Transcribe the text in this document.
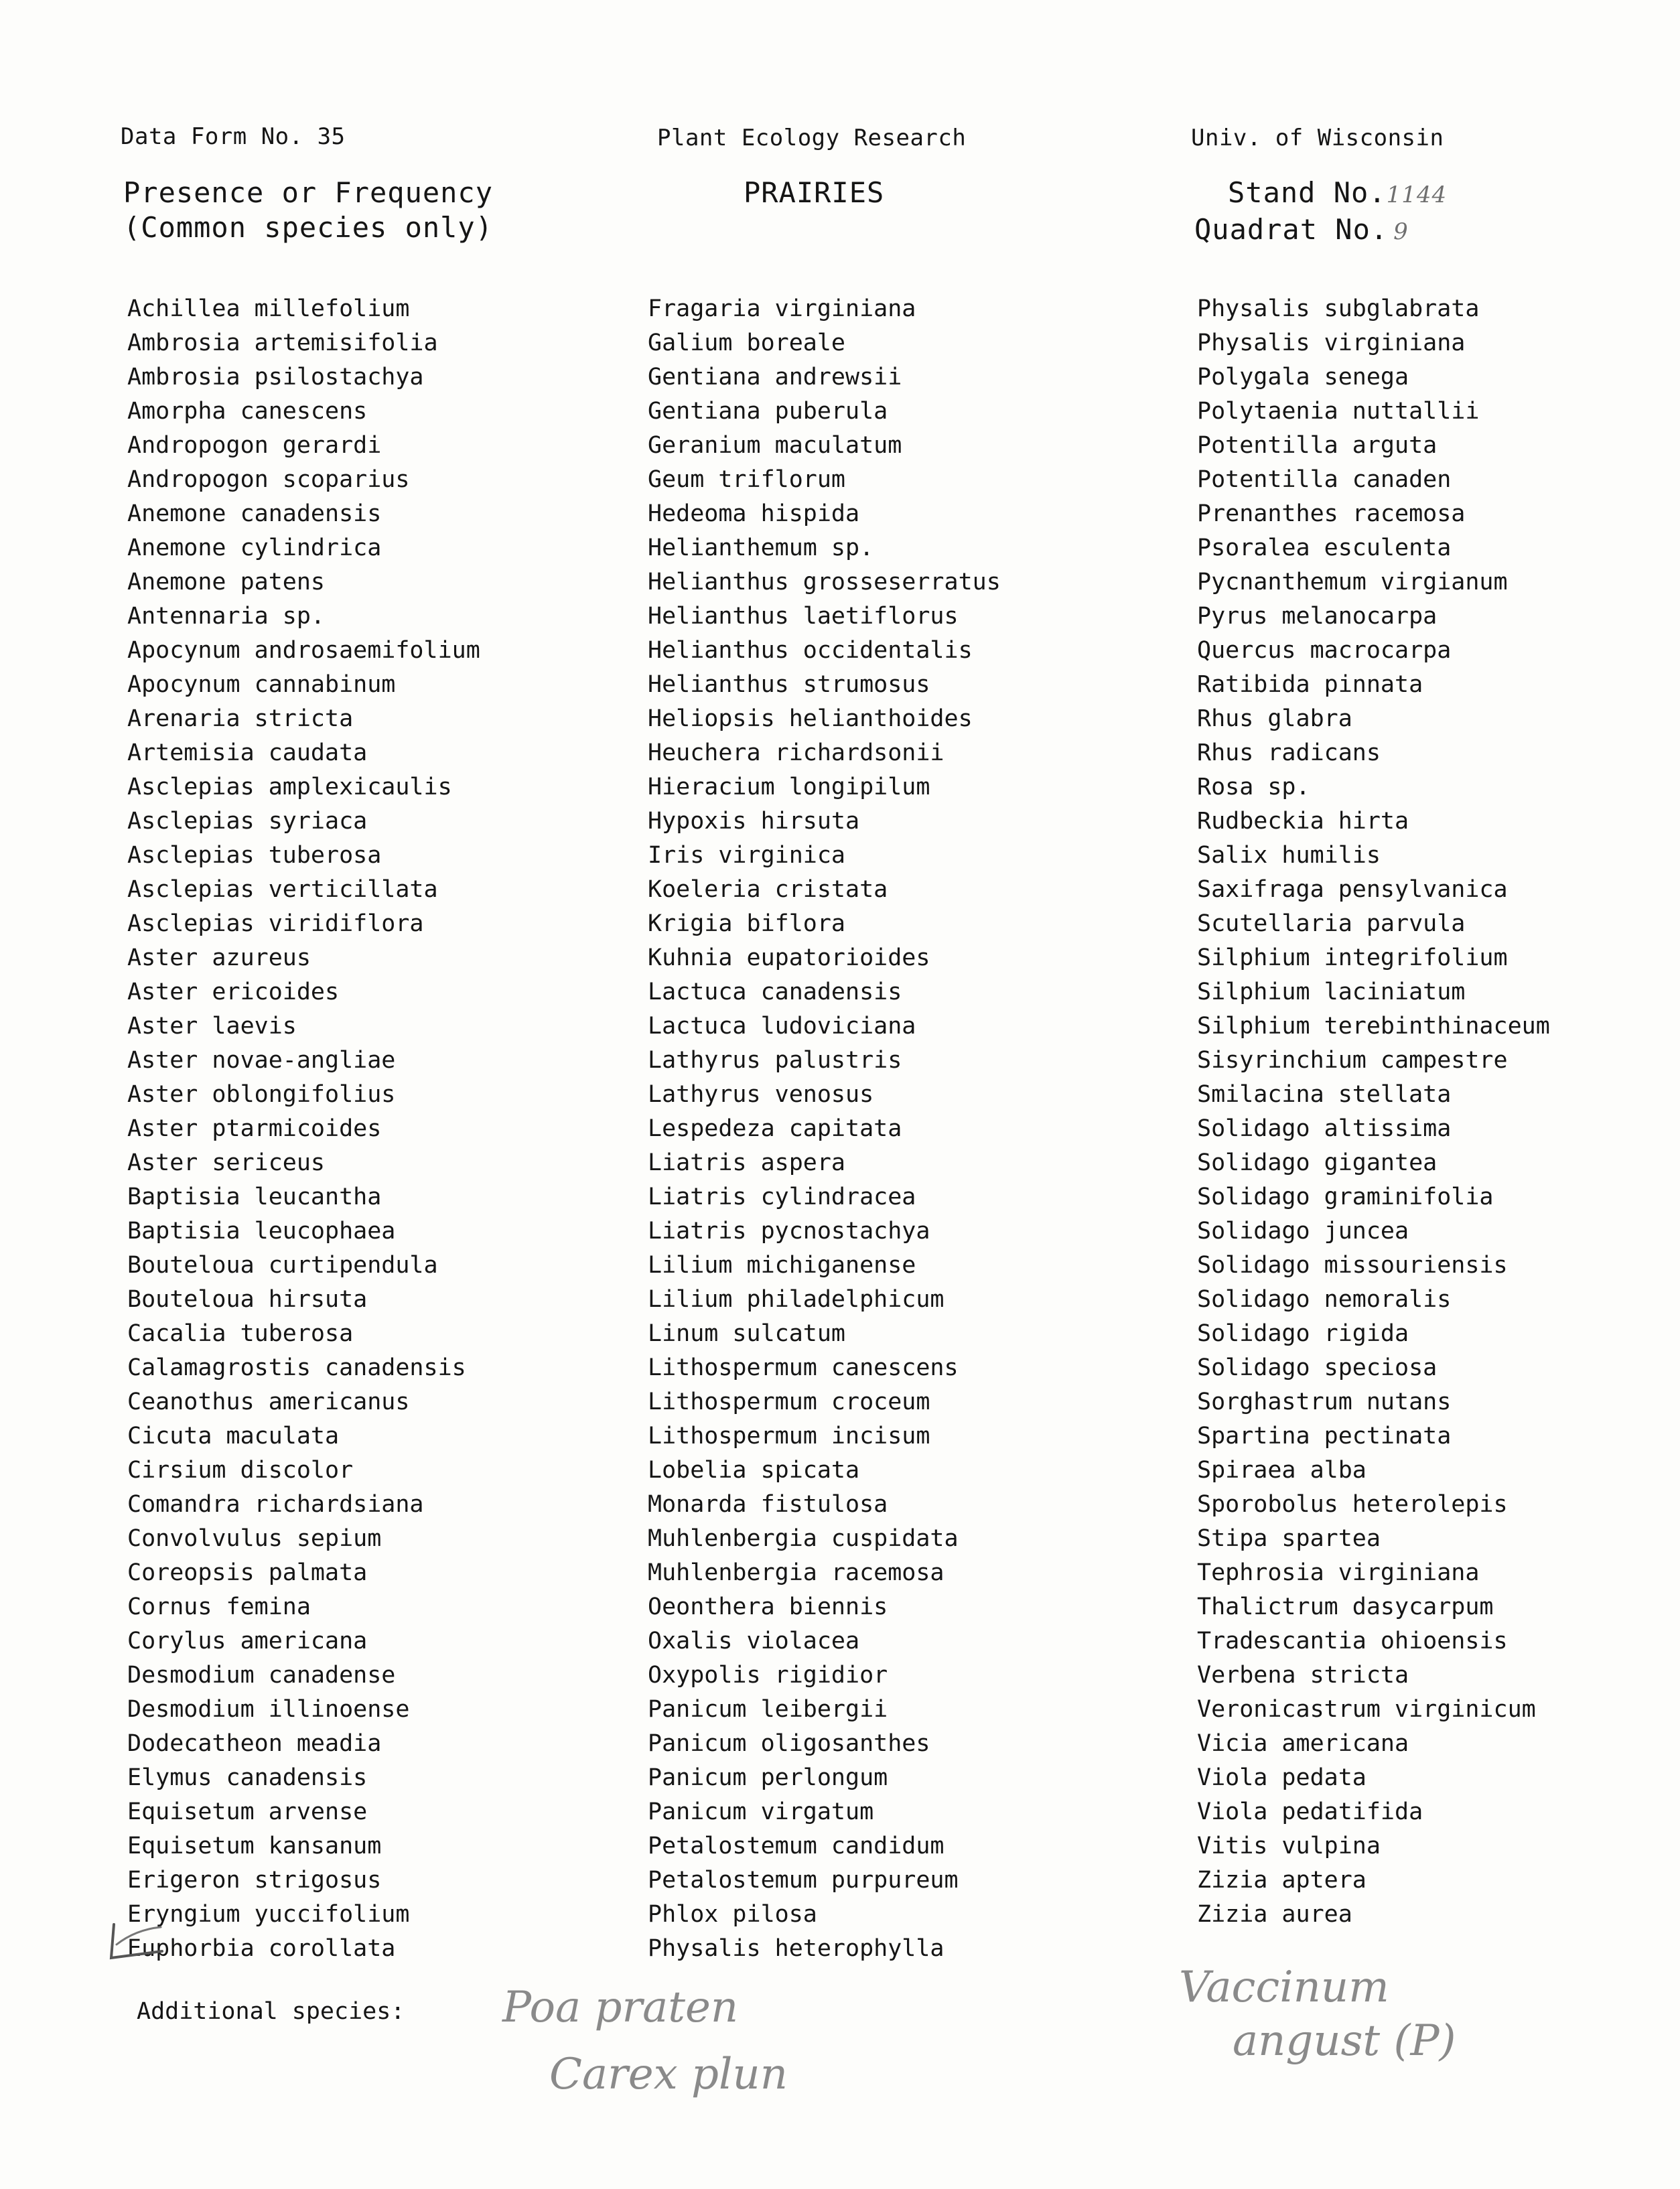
Data Form No. 35	Plant Ecology Research	Univ. of Wisconsin
Presence or Frequency
(Common species only)
PRAIRIES	Stand No.1144
Quadrat No. 9
Achillea millefolium
Ambrosia artemisifolia
Ambrosia psilostachya
Amorpha canescens
Andropogon gerardi
Andropogon scoparius
Anemone canadensis
Anemone cylindrica
Anemone patens
Antennaria sp.
Apocynum androsaemifolium
Apocynum cannabinum
Arenaria stricta
Artemisia caudata
Asclepias amplexicaulis
Asclepias syriaca
Asclepias tuberosa
Asclepias verticillata
Asclepias viridiflora
Aster azureus
Aster ericoides
Aster laevis
Aster novae-angliae
Aster oblongifolius
Aster ptarmicoides
Aster sericeus
Baptisia leucantha
Baptisia leucophaea
Bouteloua curtipendula
Bouteloua hirsuta
Cacalia tuberosa
Calamagrostis canadensis
Ceanothus americanus
Cicuta maculata
Cirsium discolor
Comandra richardsiana
Convolvulus sepium
Coreopsis palmata
Cornus femina
Corylus americana
Desmodium canadense
Desmodium illinoense
Dodecatheon meadia
Elymus canadensis
Equisetum arvense
Equisetum kansanum
Erigeron strigosus
Eryngium yuccifolium
Euphorbia corollata
Fragaria virginiana
Galium boreale
Gentiana andrewsii
Gentiana puberula
Geranium maculatum
Geum triflorum
Hedeoma hispida
Helianthemum sp.
Helianthus grosseserratus
Helianthus laetiflorus
Helianthus occidentalis
Helianthus strumosus
Heliopsis helianthoides
Heuchera richardsonii
Hieracium longipilum
Hypoxis hirsuta
Iris virginica
Koeleria cristata
Krigia biflora
Kuhnia eupatorioides
Lactuca canadensis
Lactuca ludoviciana
Lathyrus palustris
Lathyrus venosus
Lespedeza capitata
Liatris aspera
Liatris cylindracea
Liatris pycnostachya
Lilium michiganense
Lilium philadelphicum
Linum sulcatum
Lithospermum canescens
Lithospermum croceum
Lithospermum incisum
Lobelia spicata
Monarda fistulosa
Muhlenbergia cuspidata
Muhlenbergia racemosa
Oeonthera biennis
Oxalis violacea
Oxypolis rigidior
Panicum leibergii
Panicum oligosanthes
Panicum perlongum
Panicum virgatum
Petalostemum candidum
Petalostemum purpureum
Phlox pilosa
Physalis heterophylla
Physalis subglabrata
Physalis virginiana
Polygala senega
Polytaenia nuttallii
Potentilla arguta
Potentilla canaden
Prenanthes racemosa
Psoralea esculenta
Pycnanthemum virgianum
Pyrus melanocarpa
Quercus macrocarpa
Ratibida pinnata
Rhus glabra
Rhus radicans
Rosa sp.
Rudbeckia hirta
Salix humilis
Saxifraga pensylvanica
Scutellaria parvula
Silphium integrifolium
Silphium laciniatum
Silphium terebinthinaceum
Sisyrinchium campestre
Smilacina stellata
Solidago altissima
Solidago gigantea
Solidago graminifolia
Solidago juncea
Solidago missouriensis
Solidago nemoralis
Solidago rigida
Solidago speciosa
Sorghastrum nutans
Spartina pectinata
Spiraea alba
Sporobolus heterolepis
Stipa spartea
Tephrosia virginiana
Thalictrum dasycarpum
Tradescantia ohioensis
Verbena stricta
Veronicastrum virginicum
Vicia americana
Viola pedata
Viola pedatifida
Vitis vulpina
Zizia aptera
Zizia aurea
Additional species: Poa praten
Carex plun
Vaccinum
angust (P)
